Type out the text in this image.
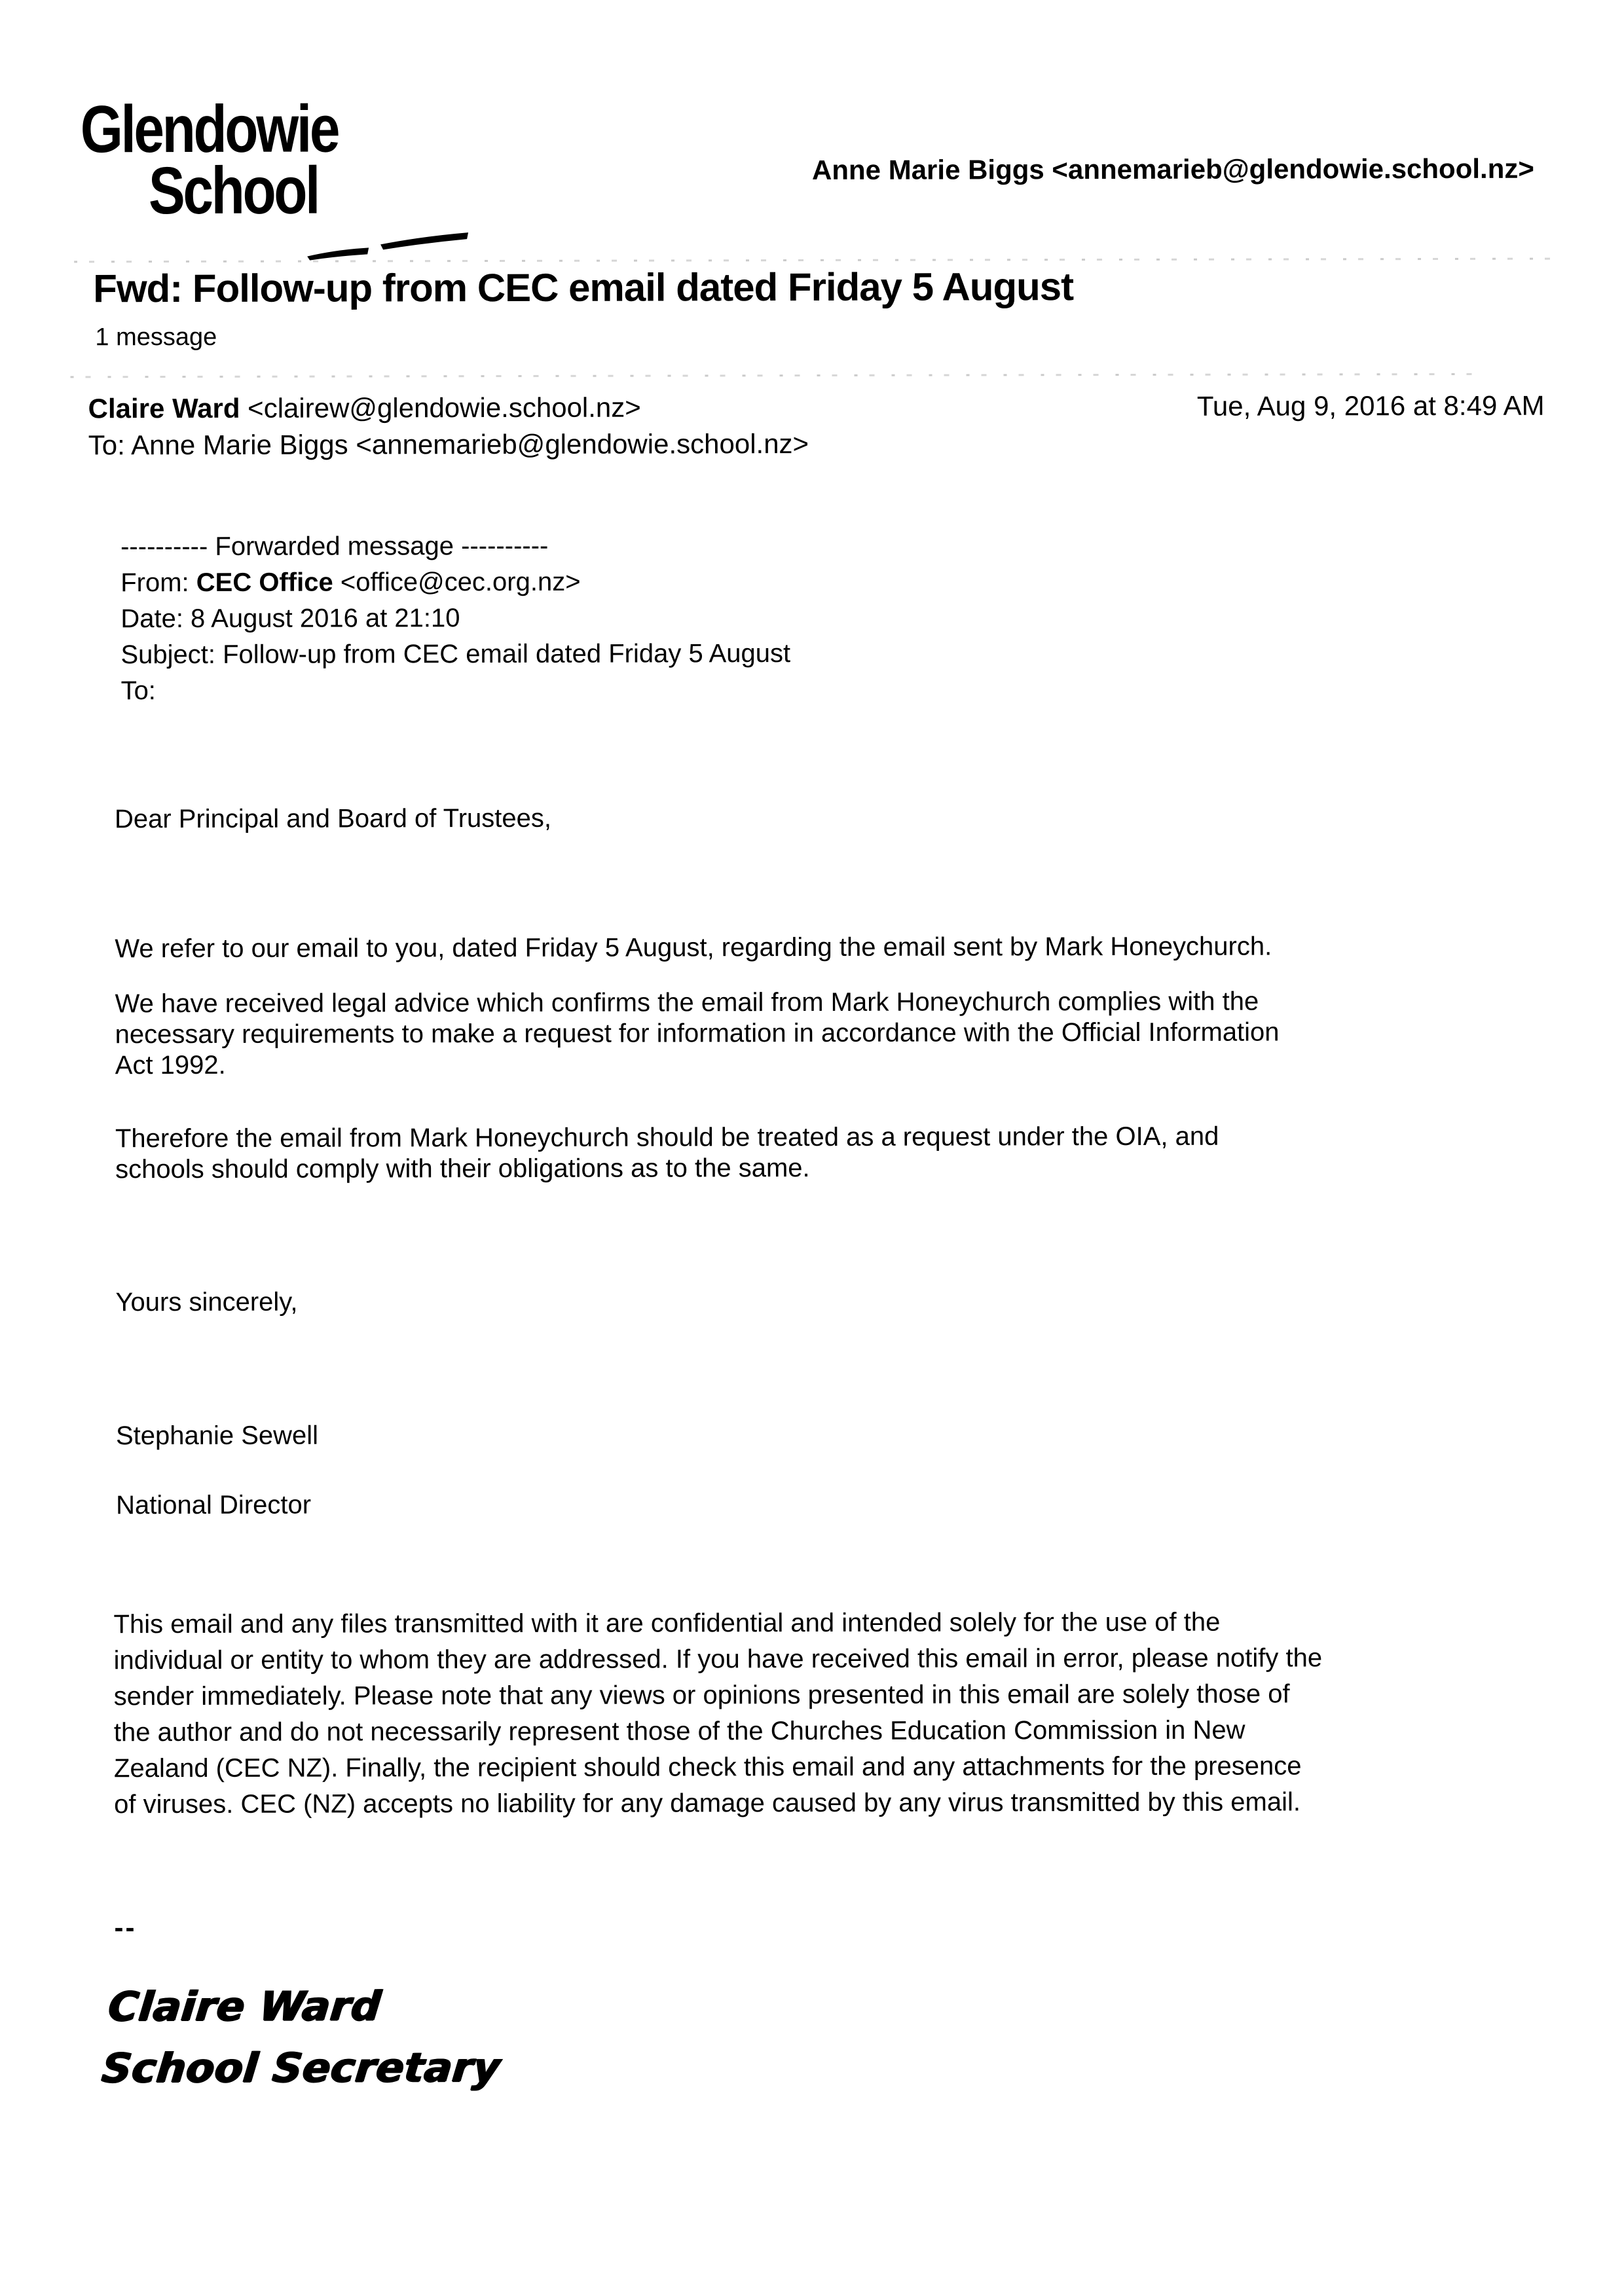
Glendowie
School	Anne Marie Biggs <annemarieb@glendowie.school.nz>
Fwd: Follow-up from CEC email dated Friday 5 August
1 message
Claire Ward <clairew@glendowie.school.nz>	Tue, Aug 9, 2016 at 8:49 AM
To: Anne Marie Biggs <annemarieb@glendowie.school.nz>
---------- Forwarded message ----------
From: CEC Office <office@cec.org.nz>
Date: 8 August 2016 at 21:10
Subject: Follow-up from CEC email dated Friday 5 August
To:
Dear Principal and Board of Trustees,
We refer to our email to you, dated Friday 5 August, regarding the email sent by Mark Honeychurch.
We have received legal advice which confirms the email from Mark Honeychurch complies with the
necessary requirements to make a request for information in accordance with the Official Information
Act 1992.
Therefore the email from Mark Honeychurch should be treated as a request under the OIA, and
schools should comply with their obligations as to the same.
Yours sincerely,
Stephanie Sewell
National Director
This email and any files transmitted with it are confidential and intended solely for the use of the
individual or entity to whom they are addressed. If you have received this email in error, please notify the
sender immediately. Please note that any views or opinions presented in this email are solely those of
the author and do not necessarily represent those of the Churches Education Commission in New
Zealand (CEC NZ). Finally, the recipient should check this email and any attachments for the presence
of viruses. CEC (NZ) accepts no liability for any damage caused by any virus transmitted by this email.
--
Claire Ward
School Secretary
